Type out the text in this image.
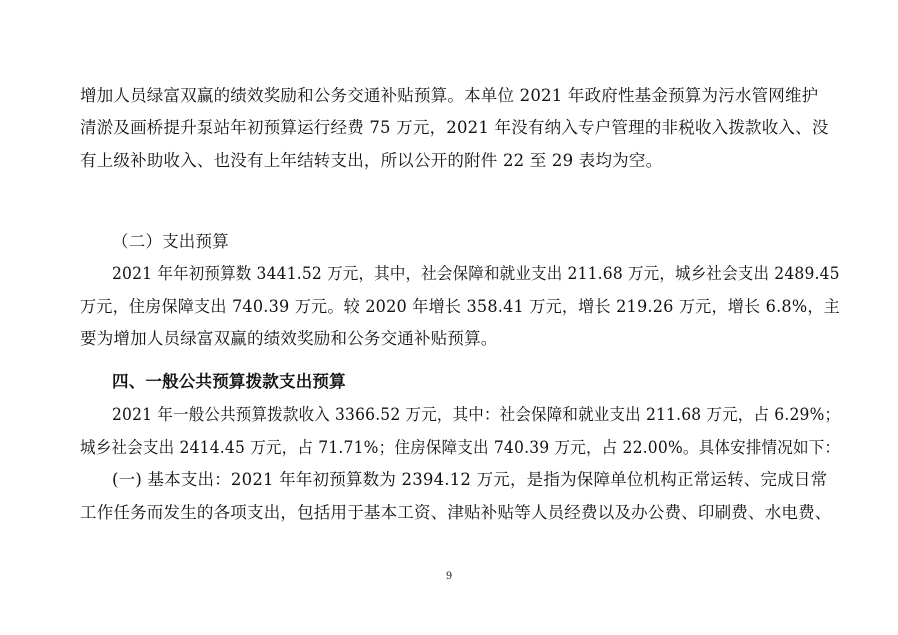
增加人员绿富双赢的绩效奖励和公务交通补贴预算。本单位 2021 年政府性基金预算为污水管网维护
清淤及画桥提升泵站年初预算运行经费 75 万元，2021 年没有纳入专户管理的非税收入拨款收入、没
有上级补助收入、也没有上年结转支出，所以公开的附件 22 至 29 表均为空。
（二）支出预算
2021 年年初预算数 3441.52 万元，其中，社会保障和就业支出 211.68 万元，城乡社会支出 2489.45
万元，住房保障支出 740.39 万元。较 2020 年增长 358.41 万元，增长 219.26 万元，增长 6.8%，主
要为增加人员绿富双赢的绩效奖励和公务交通补贴预算。
四、一般公共预算拨款支出预算
2021 年一般公共预算拨款收入 3366.52 万元，其中：社会保障和就业支出 211.68 万元，占 6.29%；
城乡社会支出 2414.45 万元，占 71.71%；住房保障支出 740.39 万元，占 22.00%。具体安排情况如下：
(一) 基本支出：2021 年年初预算数为 2394.12 万元，是指为保障单位机构正常运转、完成日常
工作任务而发生的各项支出，包括用于基本工资、津贴补贴等人员经费以及办公费、印刷费、水电费、
9
